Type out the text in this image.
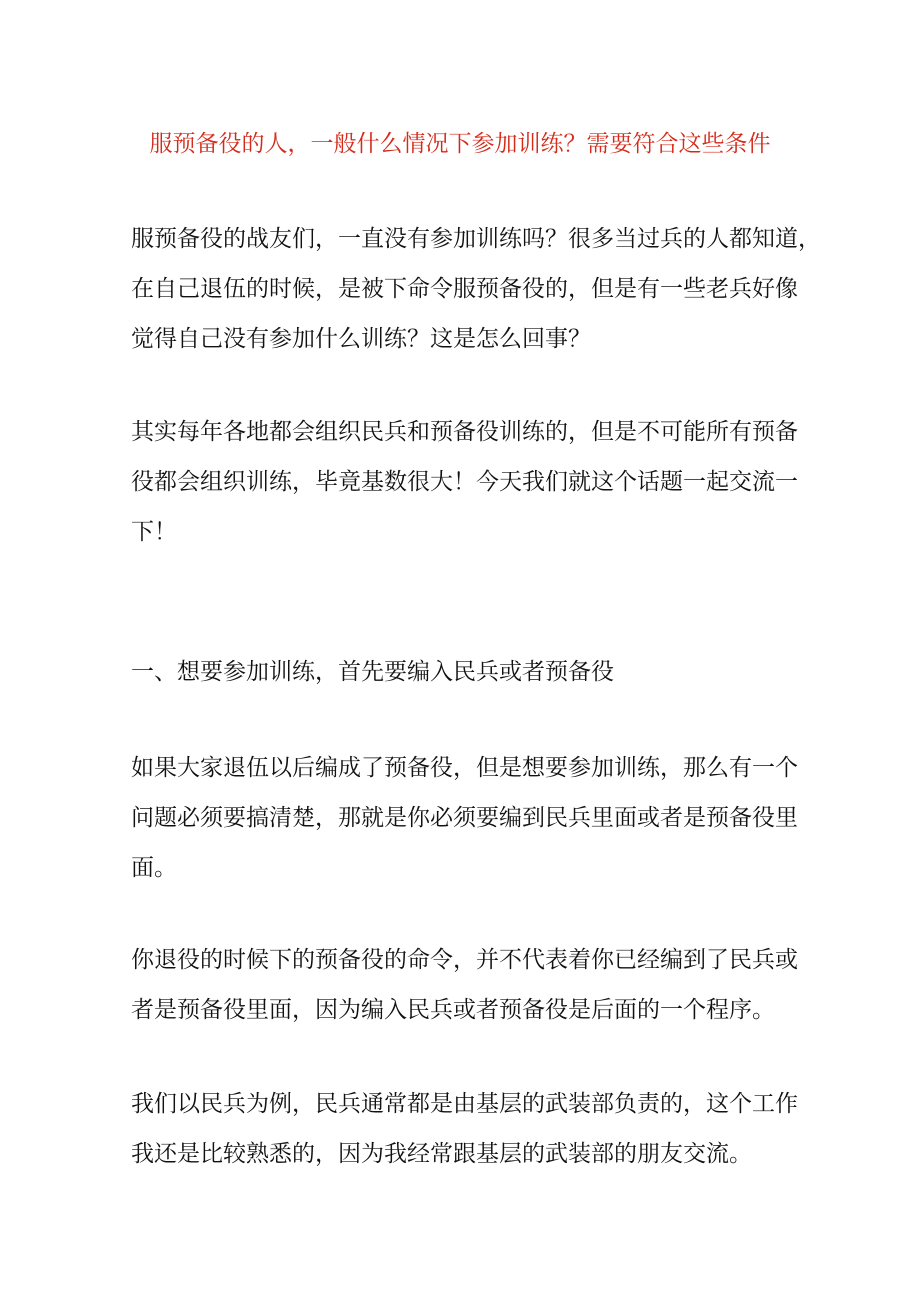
服预备役的人，一般什么情况下参加训练？需要符合这些条件

服预备役的战友们，一直没有参加训练吗？很多当过兵的人都知道，
在自己退伍的时候，是被下命令服预备役的，但是有一些老兵好像
觉得自己没有参加什么训练？这是怎么回事？

其实每年各地都会组织民兵和预备役训练的，但是不可能所有预备
役都会组织训练，毕竟基数很大！今天我们就这个话题一起交流一
下！

一、想要参加训练，首先要编入民兵或者预备役

如果大家退伍以后编成了预备役，但是想要参加训练，那么有一个
问题必须要搞清楚，那就是你必须要编到民兵里面或者是预备役里
面。

你退役的时候下的预备役的命令，并不代表着你已经编到了民兵或
者是预备役里面，因为编入民兵或者预备役是后面的一个程序。

我们以民兵为例，民兵通常都是由基层的武装部负责的，这个工作
我还是比较熟悉的，因为我经常跟基层的武装部的朋友交流。
